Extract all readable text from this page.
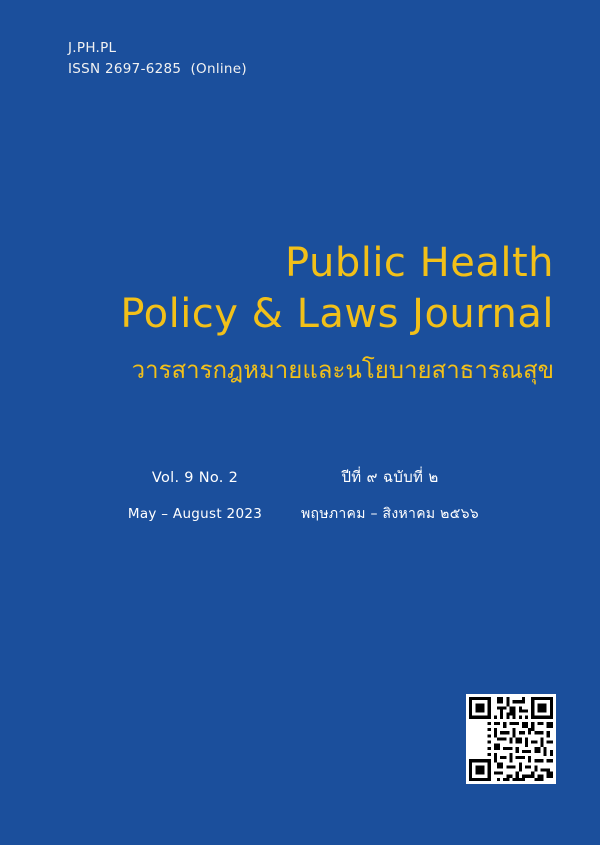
J.PH.PL
ISSN 2697-6285  (Online)
Public Health
Policy & Laws Journal
วารสารกฎหมายและนโยบายสาธารณสุข
Vol. 9 No. 2	ปีที่ ๙ ฉบับที่ ๒
May – August 2023	พฤษภาคม – สิงหาคม ๒๕๖๖
